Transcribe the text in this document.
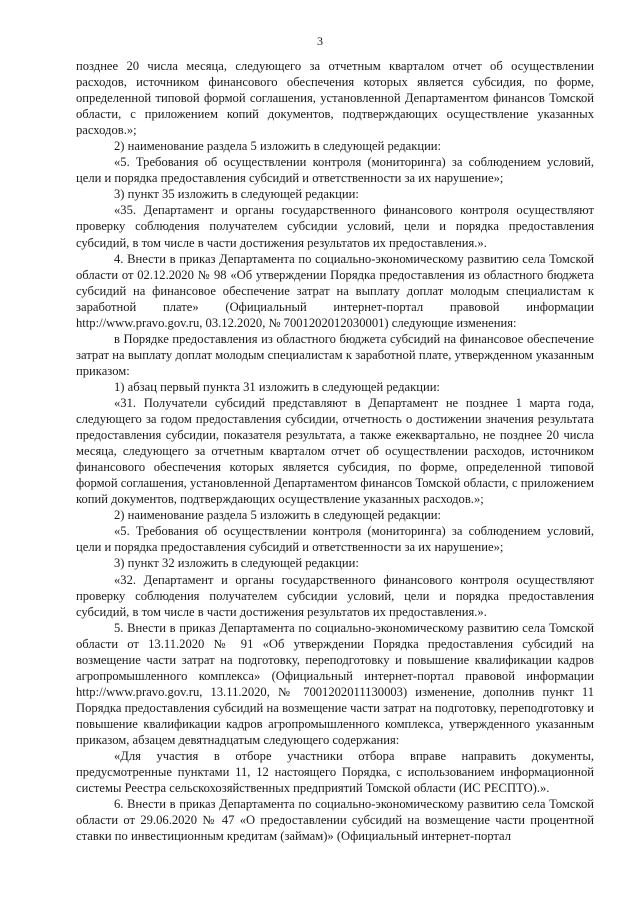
3

позднее 20 числа месяца, следующего за отчетным кварталом отчет об осуществлении расходов, источником финансового обеспечения которых является субсидия, по форме, определенной типовой формой соглашения, установленной Департаментом финансов Томской области, с приложением копий документов, подтверждающих осуществление указанных расходов.»;

2) наименование раздела 5 изложить в следующей редакции:

«5. Требования об осуществлении контроля (мониторинга) за соблюдением условий, цели и порядка предоставления субсидий и ответственности за их нарушение»;

3) пункт 35 изложить в следующей редакции:

«35. Департамент и органы государственного финансового контроля осуществляют проверку соблюдения получателем субсидии условий, цели и порядка предоставления субсидий, в том числе в части достижения результатов их предоставления.».

4. Внести в приказ Департамента по социально-экономическому развитию села Томской области от 02.12.2020 № 98 «Об утверждении Порядка предоставления из областного бюджета субсидий на финансовое обеспечение затрат на выплату доплат молодым специалистам к заработной плате» (Официальный интернет-портал правовой информации http://www.pravo.gov.ru, 03.12.2020, № 7001202012030001) следующие изменения:

в Порядке предоставления из областного бюджета субсидий на финансовое обеспечение затрат на выплату доплат молодым специалистам к заработной плате, утвержденном указанным приказом:

1) абзац первый пункта 31 изложить в следующей редакции:

«31. Получатели субсидий представляют в Департамент не позднее 1 марта года, следующего за годом предоставления субсидии, отчетность о достижении значения результата предоставления субсидии, показателя результата, а также ежеквартально, не позднее 20 числа месяца, следующего за отчетным кварталом отчет об осуществлении расходов, источником финансового обеспечения которых является субсидия, по форме, определенной типовой формой соглашения, установленной Департаментом финансов Томской области, с приложением копий документов, подтверждающих осуществление указанных расходов.»;

2) наименование раздела 5 изложить в следующей редакции:

«5. Требования об осуществлении контроля (мониторинга) за соблюдением условий, цели и порядка предоставления субсидий и ответственности за их нарушение»;

3) пункт 32 изложить в следующей редакции:

«32. Департамент и органы государственного финансового контроля осуществляют проверку соблюдения получателем субсидии условий, цели и порядка предоставления субсидий, в том числе в части достижения результатов их предоставления.».

5. Внести в приказ Департамента по социально-экономическому развитию села Томской области от 13.11.2020 № 91 «Об утверждении Порядка предоставления субсидий на возмещение части затрат на подготовку, переподготовку и повышение квалификации кадров агропромышленного комплекса» (Официальный интернет-портал правовой информации http://www.pravo.gov.ru, 13.11.2020, № 7001202011130003) изменение, дополнив пункт 11 Порядка предоставления субсидий на возмещение части затрат на подготовку, переподготовку и повышение квалификации кадров агропромышленного комплекса, утвержденного указанным приказом, абзацем девятнадцатым следующего содержания:

«Для участия в отборе участники отбора вправе направить документы, предусмотренные пунктами 11, 12 настоящего Порядка, с использованием информационной системы Реестра сельскохозяйственных предприятий Томской области (ИС РЕСПТО).».

6. Внести в приказ Департамента по социально-экономическому развитию села Томской области от 29.06.2020 № 47 «О предоставлении субсидий на возмещение части процентной ставки по инвестиционным кредитам (займам)» (Официальный интернет-портал
